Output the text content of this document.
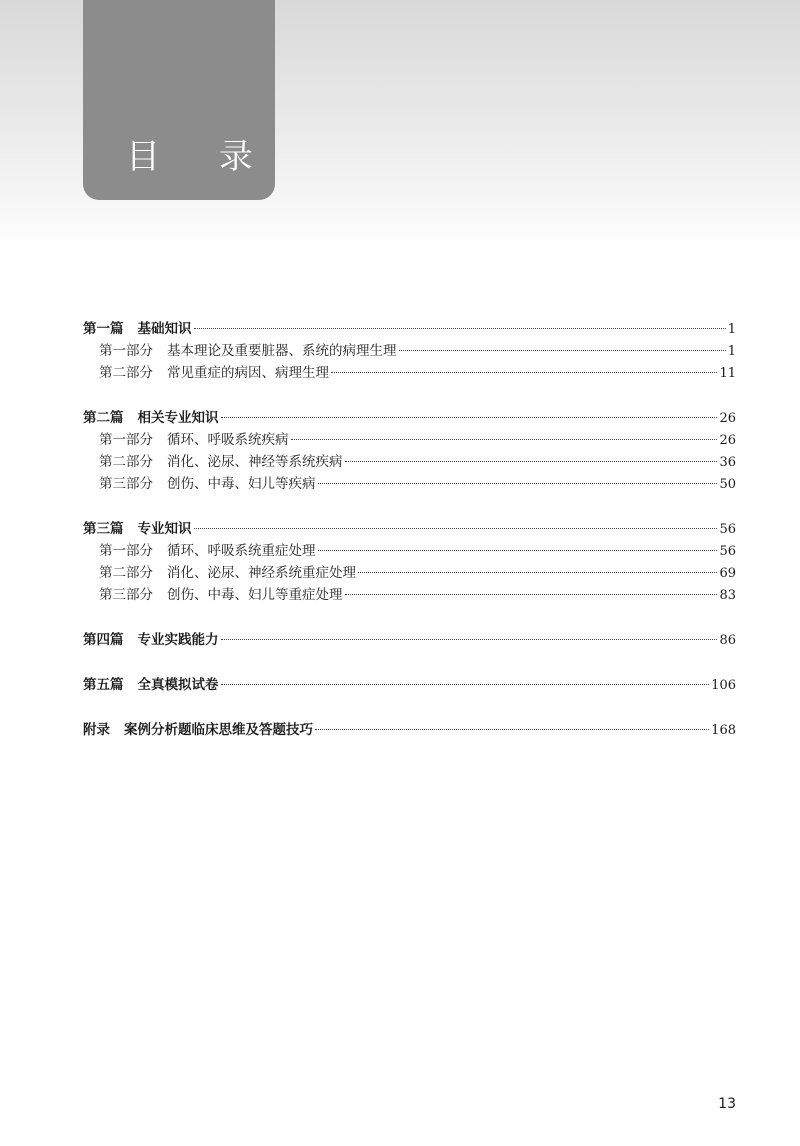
目 录
第一篇 基础知识	1
第一部分 基本理论及重要脏器、系统的病理生理	1
第二部分 常见重症的病因、病理生理	11
第二篇 相关专业知识	26
第一部分 循环、呼吸系统疾病	26
第二部分 消化、泌尿、神经等系统疾病	36
第三部分 创伤、中毒、妇儿等疾病	50
第三篇 专业知识	56
第一部分 循环、呼吸系统重症处理	56
第二部分 消化、泌尿、神经系统重症处理	69
第三部分 创伤、中毒、妇儿等重症处理	83
第四篇 专业实践能力	86
第五篇 全真模拟试卷	106
附录 案例分析题临床思维及答题技巧	168
13
